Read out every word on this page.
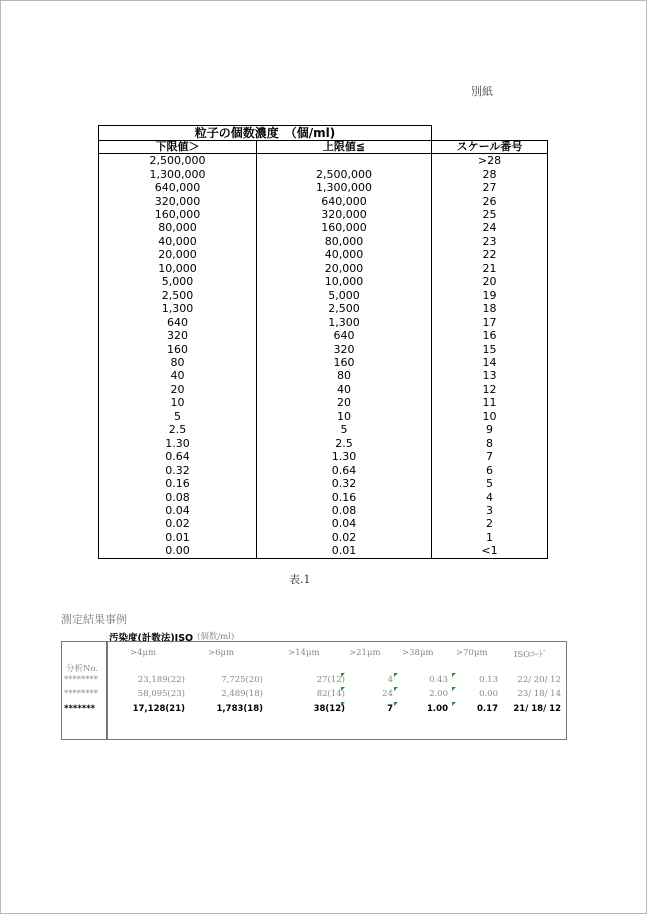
別紙
粒子の個数濃度　（個/ml)		
下限値＞	上限値≦	スケール番号
2,500,000		>28
1,300,000	2,500,000	28
640,000	1,300,000	27
320,000	640,000	26
160,000	320,000	25
80,000	160,000	24
40,000	80,000	23
20,000	40,000	22
10,000	20,000	21
5,000	10,000	20
2,500	5,000	19
1,300	2,500	18
640	1,300	17
320	640	16
160	320	15
80	160	14
40	80	13
20	40	12
10	20	11
5	10	10
2.5	5	9
1.30	2.5	8
0.64	1.30	7
0.32	0.64	6
0.16	0.32	5
0.08	0.16	4
0.04	0.08	3
0.02	0.04	2
0.01	0.02	1
0.00	0.01	<1
表.1
測定結果事例
汚染度(計数法)ISO (個数/ml)
分析No.
>4μm	>6μm	>14μm	>21μm	>38μm	>70μm	ISOｺｰﾄﾞ
********	23,189(22)	7,725(20)	27(12)	4	0.43	0.13 22/ 20/ 12
********	58,095(23)	2,489(18)	82(14)	24	2.00	0.00 23/ 18/ 14
*******	17,128(21)	1,783(18)	38(12)	7	1.00	0.17 21/ 18/ 12
